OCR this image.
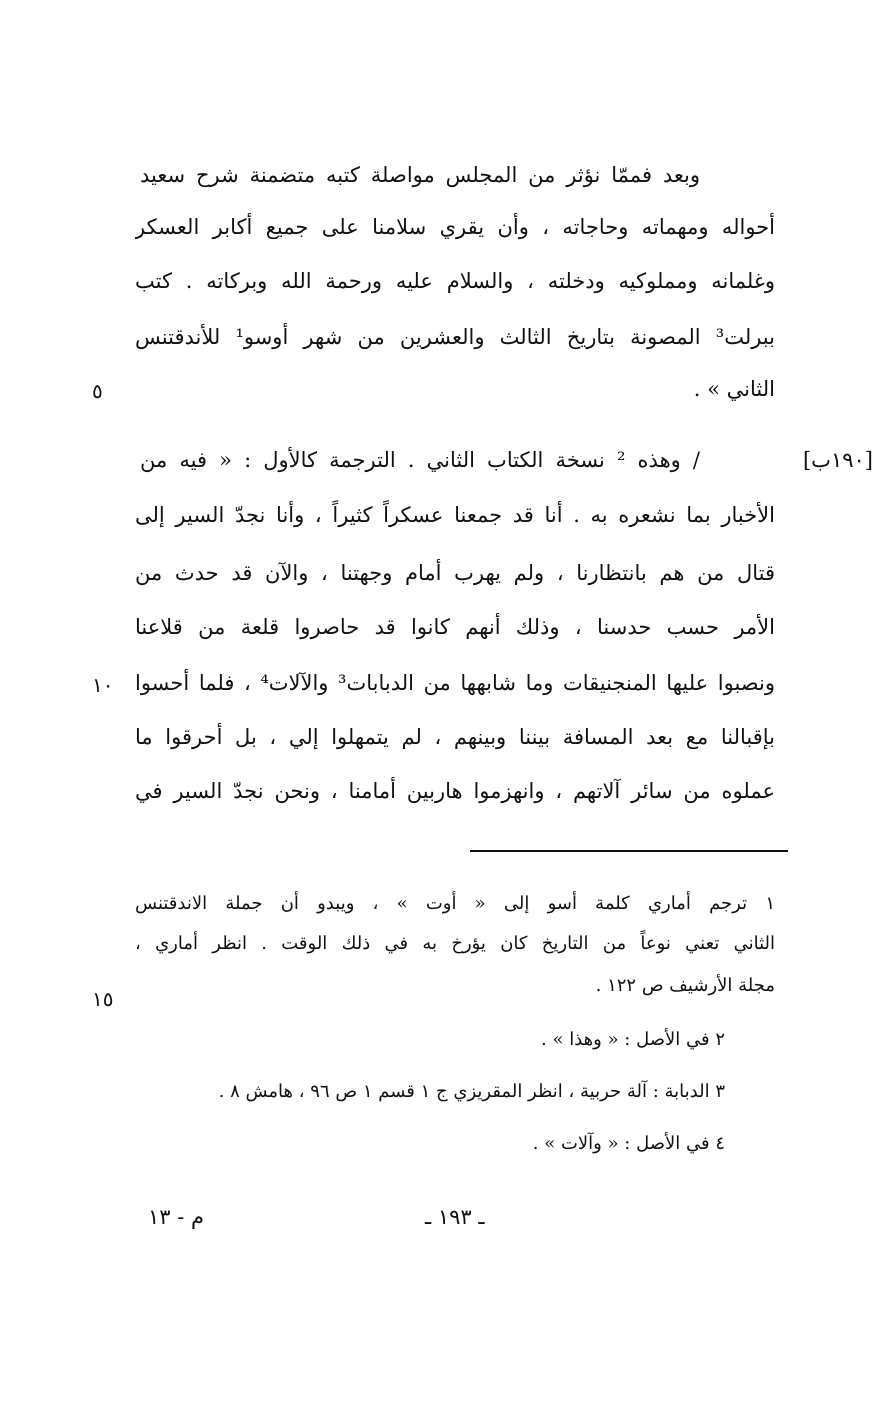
وبعد فممّا نؤثر من المجلس مواصلة كتبه متضمنة شرح سعيد
أحواله ومهماته وحاجاته ، وأن يقري سلامنا على جميع أكابر العسكر
وغلمانه ومملوكيه ودخلته ، والسلام عليه ورحمة الله وبركاته . كتب
ببرلت³ المصونة بتاريخ الثالث والعشرين من شهر أوسو¹ للأندقتنس
الثاني » .
/ وهذه ² نسخة الكتاب الثاني . الترجمة كالأول : « فيه من
الأخبار بما نشعره به . أنا قد جمعنا عسكراً كثيراً ، وأنا نجدّ السير إلى
قتال من هم بانتظارنا ، ولم يهرب أمام وجهتنا ، والآن قد حدث من
الأمر حسب حدسنا ، وذلك أنهم كانوا قد حاصروا قلعة من قلاعنا
ونصبوا عليها المنجنيقات وما شابهها من الدبابات³ والآلات⁴ ، فلما أحسوا
بإقبالنا مع بعد المسافة بيننا وبينهم ، لم يتمهلوا إلي ، بل أحرقوا ما
عملوه من سائر آلاتهم ، وانهزموا هاربين أمامنا ، ونحن نجدّ السير في
[١٩٠ب]
٥
١٠
١٥
١ ترجم أماري كلمة أسو إلى « أوت » ، ويبدو أن جملة الاندقتنس
الثاني تعني نوعاً من التاريخ كان يؤرخ به في ذلك الوقت . انظر أماري ،
مجلة الأرشيف ص ١٢٢ .
٢ في الأصل : « وهذا » .
٣ الدبابة : آلة حربية ، انظر المقريزي ج ١ قسم ١ ص ٩٦ ، هامش ٨ .
٤ في الأصل : « وآلات » .
ـ ١٩٣ ـ
م - ١٣
